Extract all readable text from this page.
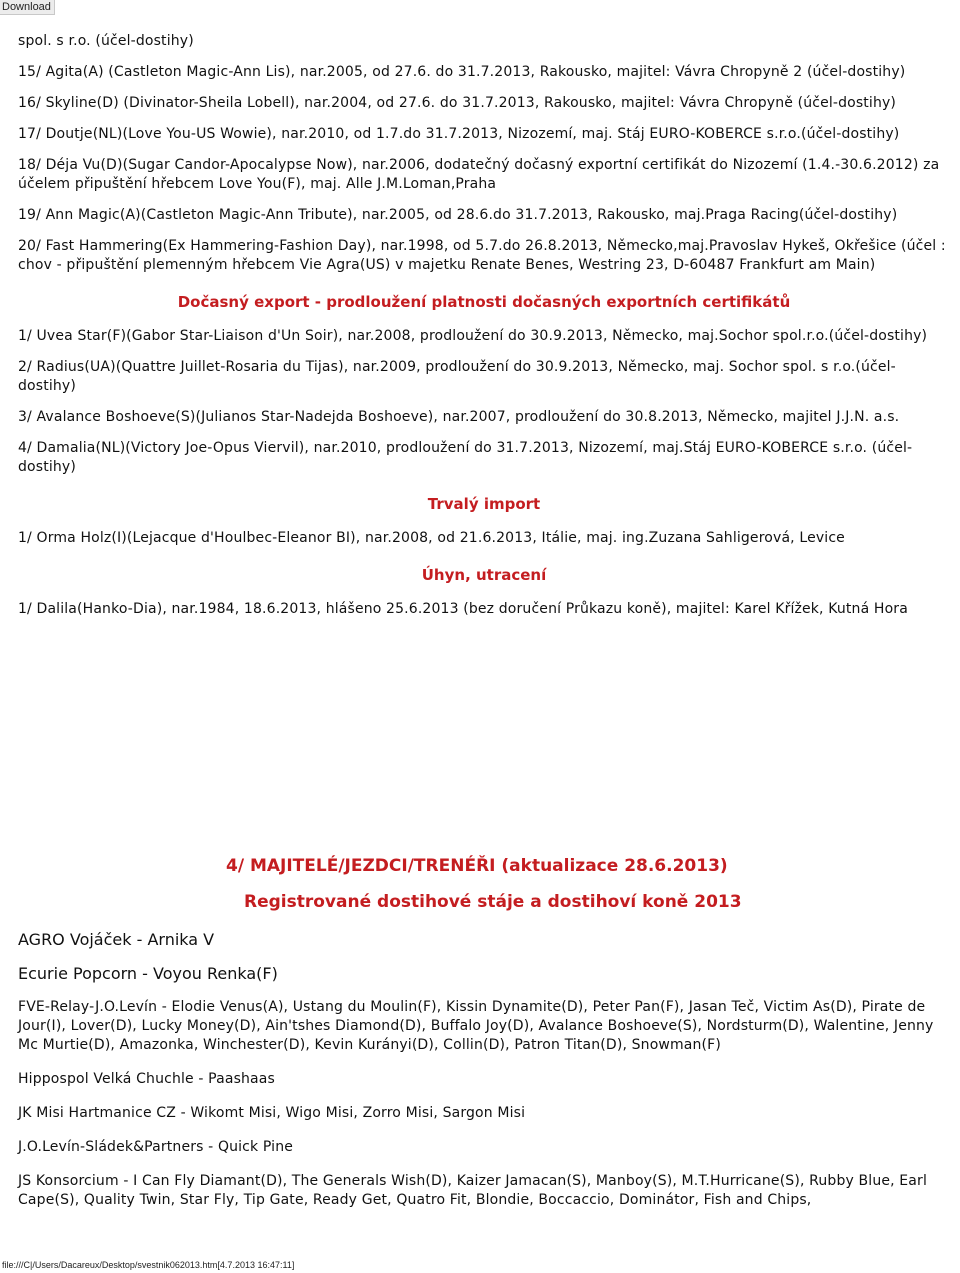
Download

spol. s r.o. (účel-dostihy)

15/ Agita(A) (Castleton Magic-Ann Lis), nar.2005, od 27.6. do 31.7.2013, Rakousko, majitel: Vávra Chropyně 2 (účel-dostihy)

16/ Skyline(D) (Divinator-Sheila Lobell), nar.2004, od 27.6. do 31.7.2013, Rakousko, majitel: Vávra Chropyně (účel-dostihy)

17/ Doutje(NL)(Love You-US Wowie), nar.2010, od 1.7.do 31.7.2013, Nizozemí, maj. Stáj EURO-KOBERCE s.r.o.(účel-dostihy)

18/ Déja Vu(D)(Sugar Candor-Apocalypse Now), nar.2006, dodatečný dočasný exportní certifikát do Nizozemí (1.4.-30.6.2012) za účelem připuštění hřebcem Love You(F), maj. Alle J.M.Loman,Praha

19/ Ann Magic(A)(Castleton Magic-Ann Tribute), nar.2005, od 28.6.do 31.7.2013, Rakousko, maj.Praga Racing(účel-dostihy)

20/ Fast Hammering(Ex Hammering-Fashion Day), nar.1998, od 5.7.do 26.8.2013, Německo,maj.Pravoslav Hykeš, Okřešice (účel : chov - připuštění plemenným hřebcem Vie Agra(US) v majetku Renate Benes, Westring 23, D-60487 Frankfurt am Main)

Dočasný export - prodloužení platnosti dočasných exportních certifikátů

1/ Uvea Star(F)(Gabor Star-Liaison d'Un Soir), nar.2008, prodloužení do 30.9.2013, Německo, maj.Sochor spol.r.o.(účel-dostihy)

2/ Radius(UA)(Quattre Juillet-Rosaria du Tijas), nar.2009, prodloužení do 30.9.2013, Německo, maj. Sochor spol. s r.o.(účel-dostihy)

3/ Avalance Boshoeve(S)(Julianos Star-Nadejda Boshoeve), nar.2007, prodloužení do 30.8.2013, Německo, majitel J.J.N. a.s.

4/ Damalia(NL)(Victory Joe-Opus Viervil), nar.2010, prodloužení do 31.7.2013, Nizozemí, maj.Stáj EURO-KOBERCE s.r.o. (účel-dostihy)

Trvalý import

1/ Orma Holz(I)(Lejacque d'Houlbec-Eleanor BI), nar.2008, od 21.6.2013, Itálie, maj. ing.Zuzana Sahligerová, Levice

Úhyn, utracení

1/ Dalila(Hanko-Dia), nar.1984, 18.6.2013, hlášeno 25.6.2013 (bez doručení Průkazu koně), majitel: Karel Křížek, Kutná Hora

4/ MAJITELÉ/JEZDCI/TRENÉŘI (aktualizace 28.6.2013)
Registrované dostihové stáje a dostihoví koně 2013
AGRO Vojáček - Arnika V
Ecurie Popcorn - Voyou Renka(F)

FVE-Relay-J.O.Levín - Elodie Venus(A), Ustang du Moulin(F), Kissin Dynamite(D), Peter Pan(F), Jasan Teč, Victim As(D), Pirate de Jour(I), Lover(D), Lucky Money(D), Ain'tshes Diamond(D), Buffalo Joy(D), Avalance Boshoeve(S), Nordsturm(D), Walentine, Jenny Mc Murtie(D), Amazonka, Winchester(D), Kevin Kurányi(D), Collin(D), Patron Titan(D), Snowman(F)

Hippospol Velká Chuchle - Paashaas

JK Misi Hartmanice CZ - Wikomt Misi, Wigo Misi, Zorro Misi, Sargon Misi

J.O.Levín-Sládek&Partners - Quick Pine

JS Konsorcium - I Can Fly Diamant(D), The Generals Wish(D), Kaizer Jamacan(S), Manboy(S), M.T.Hurricane(S), Rubby Blue, Earl Cape(S), Quality Twin, Star Fly, Tip Gate, Ready Get, Quatro Fit, Blondie, Boccaccio, Dominátor, Fish and Chips,

file:///C|/Users/Dacareux/Desktop/svestnik062013.htm[4.7.2013 16:47:11]
